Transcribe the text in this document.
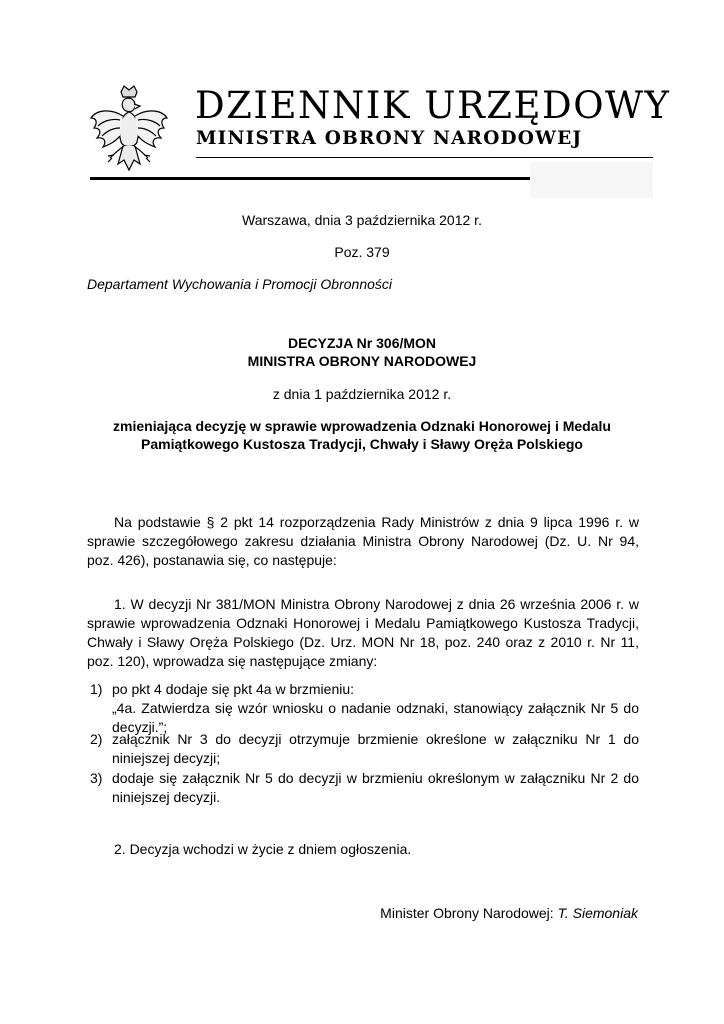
DZIENNIK URZĘDOWY
MINISTRA OBRONY NARODOWEJ
Warszawa, dnia 3 października 2012 r.
Poz. 379
Departament Wychowania i Promocji Obronności
DECYZJA Nr 306/MON
MINISTRA OBRONY NARODOWEJ
z dnia 1 października 2012 r.
zmieniająca decyzję w sprawie wprowadzenia Odznaki Honorowej i Medalu
Pamiątkowego Kustosza Tradycji, Chwały i Sławy Oręża Polskiego
Na podstawie § 2 pkt 14 rozporządzenia Rady Ministrów z dnia 9 lipca 1996 r. w sprawie szczegółowego zakresu działania Ministra Obrony Narodowej (Dz. U. Nr 94, poz. 426), postanawia się, co następuje:
1. W decyzji Nr 381/MON Ministra Obrony Narodowej z dnia 26 września 2006 r. w sprawie wprowadzenia Odznaki Honorowej i Medalu Pamiątkowego Kustosza Tradycji, Chwały i Sławy Oręża Polskiego (Dz. Urz. MON Nr 18, poz. 240 oraz z 2010 r. Nr 11, poz. 120), wprowadza się następujące zmiany:
1) po pkt 4 dodaje się pkt 4a w brzmieniu:
„4a. Zatwierdza się wzór wniosku o nadanie odznaki, stanowiący załącznik Nr 5 do decyzji.”;
2) załącznik Nr 3 do decyzji otrzymuje brzmienie określone w załączniku Nr 1 do niniejszej decyzji;
3) dodaje się załącznik Nr 5 do decyzji w brzmieniu określonym w załączniku Nr 2 do niniejszej decyzji.
2. Decyzja wchodzi w życie z dniem ogłoszenia.
Minister Obrony Narodowej: T. Siemoniak
